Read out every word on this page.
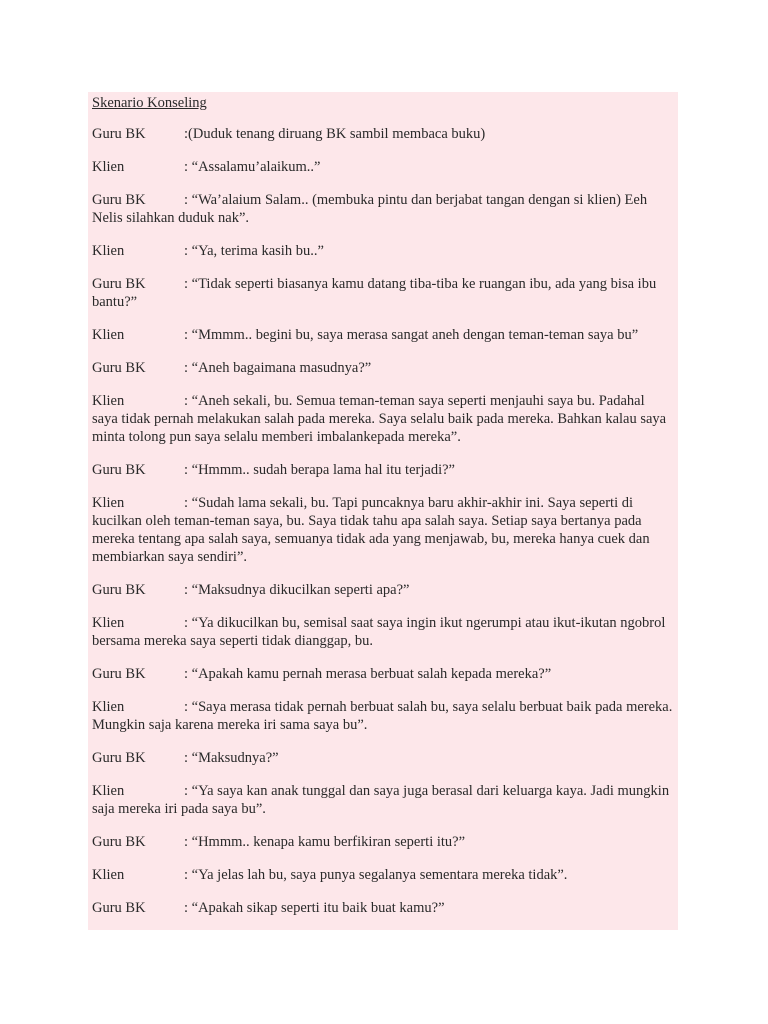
Skenario Konseling
Guru BK	:(Duduk tenang diruang BK sambil membaca buku)
Klien	: “Assalamu’alaikum..”
Guru BK	: “Wa’alaium Salam.. (membuka pintu dan berjabat tangan dengan si klien) Eeh Nelis silahkan duduk nak”.
Klien	: “Ya, terima kasih bu..”
Guru BK	: “Tidak seperti biasanya kamu datang tiba-tiba ke ruangan ibu, ada yang bisa ibu bantu?”
Klien	: “Mmmm.. begini bu, saya merasa sangat aneh dengan teman-teman saya bu”
Guru BK	: “Aneh bagaimana masudnya?”
Klien	: “Aneh sekali, bu. Semua teman-teman saya seperti menjauhi saya bu. Padahal saya tidak pernah melakukan salah pada mereka. Saya selalu baik pada mereka. Bahkan kalau saya minta tolong pun saya selalu memberi imbalankepada mereka”.
Guru BK	: “Hmmm.. sudah berapa lama hal itu terjadi?”
Klien	: “Sudah lama sekali, bu. Tapi puncaknya baru akhir-akhir ini. Saya seperti di kucilkan oleh teman-teman saya, bu. Saya tidak tahu apa salah saya. Setiap saya bertanya pada mereka tentang apa salah saya, semuanya tidak ada yang menjawab, bu, mereka hanya cuek dan membiarkan saya sendiri”.
Guru BK	: “Maksudnya dikucilkan seperti apa?”
Klien	: “Ya dikucilkan bu, semisal saat saya ingin ikut ngerumpi atau ikut-ikutan ngobrol bersama mereka saya seperti tidak dianggap, bu.
Guru BK	: “Apakah kamu pernah merasa berbuat salah kepada mereka?”
Klien	: “Saya merasa tidak pernah berbuat salah bu, saya selalu berbuat baik pada mereka. Mungkin saja karena mereka iri sama saya bu”.
Guru BK	: “Maksudnya?”
Klien	: “Ya saya kan anak tunggal dan saya juga berasal dari keluarga kaya. Jadi mungkin saja mereka iri pada saya bu”.
Guru BK	: “Hmmm.. kenapa kamu berfikiran seperti itu?”
Klien	: “Ya jelas lah bu, saya punya segalanya sementara mereka tidak”.
Guru BK	: “Apakah sikap seperti itu baik buat kamu?”
